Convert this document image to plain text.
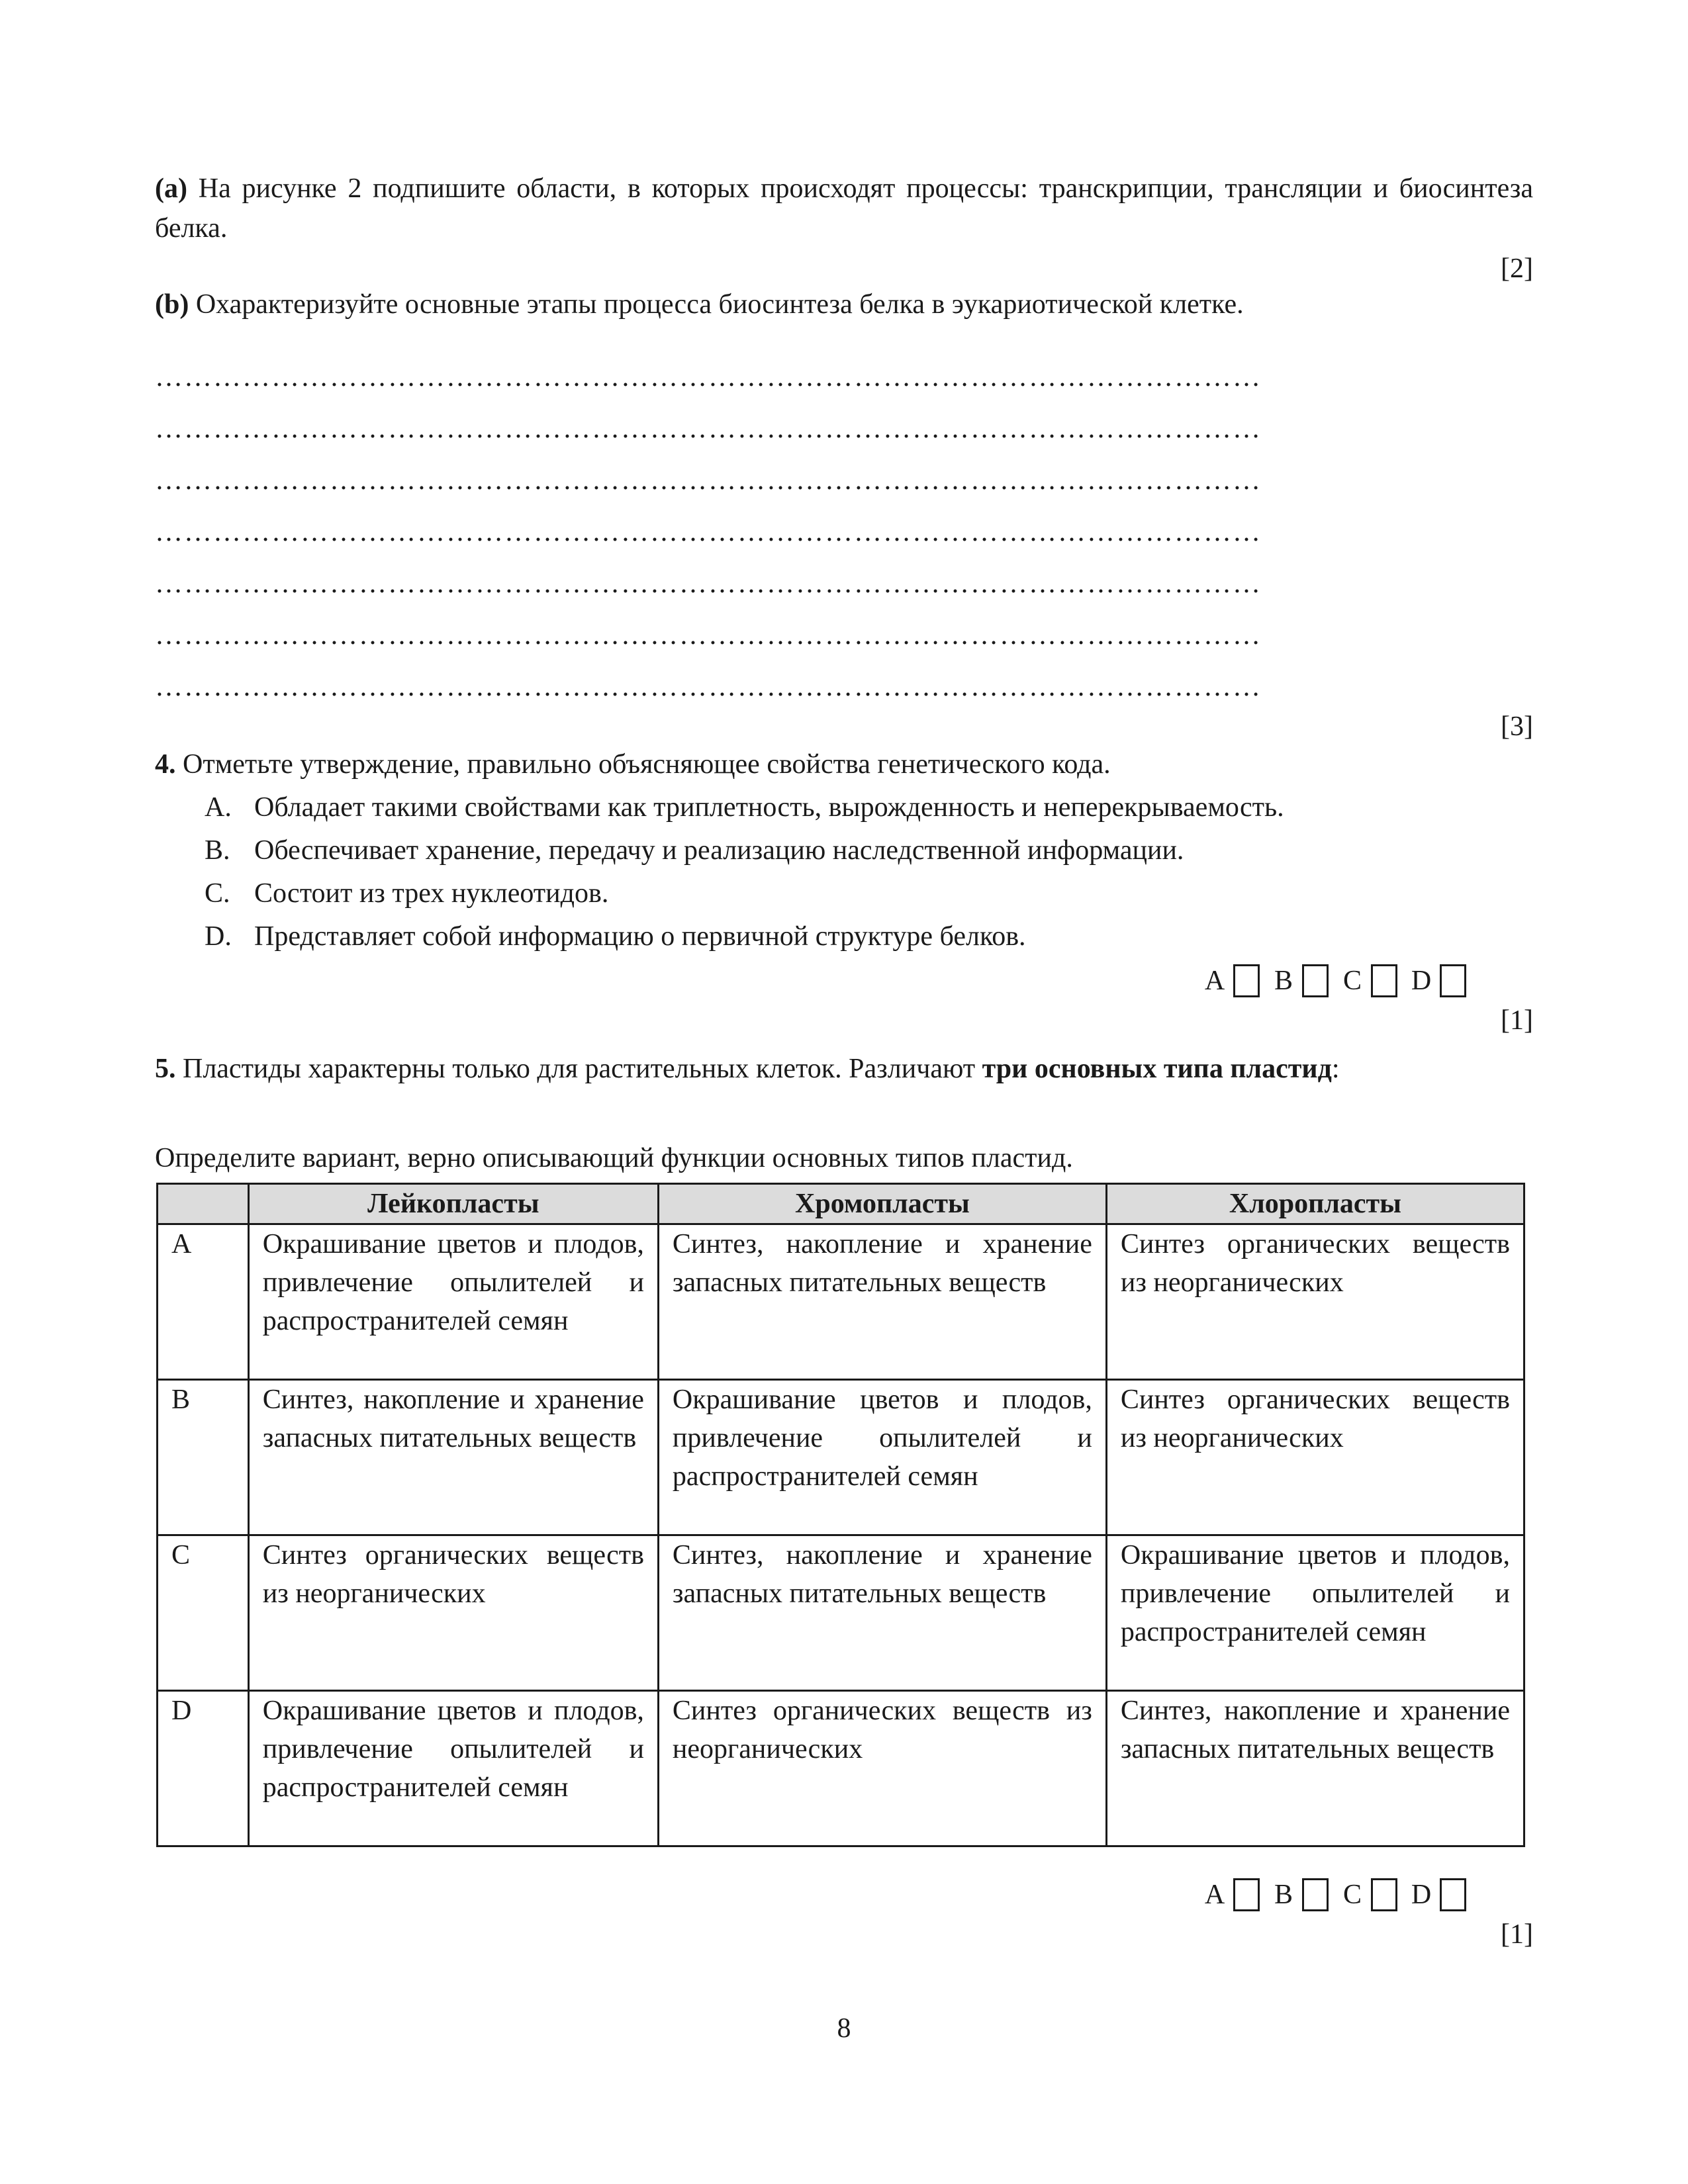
(a) На рисунке 2 подпишите области, в которых происходят процессы: транскрипции, трансляции и биосинтеза белка.
[2]
(b) Охарактеризуйте основные этапы процесса биосинтеза белка в эукариотической клетке.
……………………………………………………………………………………………………
……………………………………………………………………………………………………
……………………………………………………………………………………………………
……………………………………………………………………………………………………
……………………………………………………………………………………………………
……………………………………………………………………………………………………
……………………………………………………………………………………………………
[3]
4. Отметьте утверждение, правильно объясняющее свойства генетического кода.
A. Обладает такими свойствами как триплетность, вырожденность и неперекрываемость.
B. Обеспечивает хранение, передачу и реализацию наследственной информации.
C. Состоит из трех нуклеотидов.
D. Представляет собой информацию о первичной структуре белков.
A B C D
[1]
5. Пластиды характерны только для растительных клеток. Различают три основных типа пластид:
Определите вариант, верно описывающий функции основных типов пластид.
	Лейкопласты	Хромопласты	Хлоропласты
A	Окрашивание цветов и плодов, привлечение опылителей и распространителей семян	Синтез, накопление и хранение запасных питательных веществ	Синтез органических веществ из неорганических
B	Синтез, накопление и хранение запасных питательных веществ	Окрашивание цветов и плодов, привлечение опылителей и распространителей семян	Синтез органических веществ из неорганических
C	Синтез органических веществ из неорганических	Синтез, накопление и хранение запасных питательных веществ	Окрашивание цветов и плодов, привлечение опылителей и распространителей семян
D	Окрашивание цветов и плодов, привлечение опылителей и распространителей семян	Синтез органических веществ из неорганических	Синтез, накопление и хранение запасных питательных веществ
A B C D
[1]
8
